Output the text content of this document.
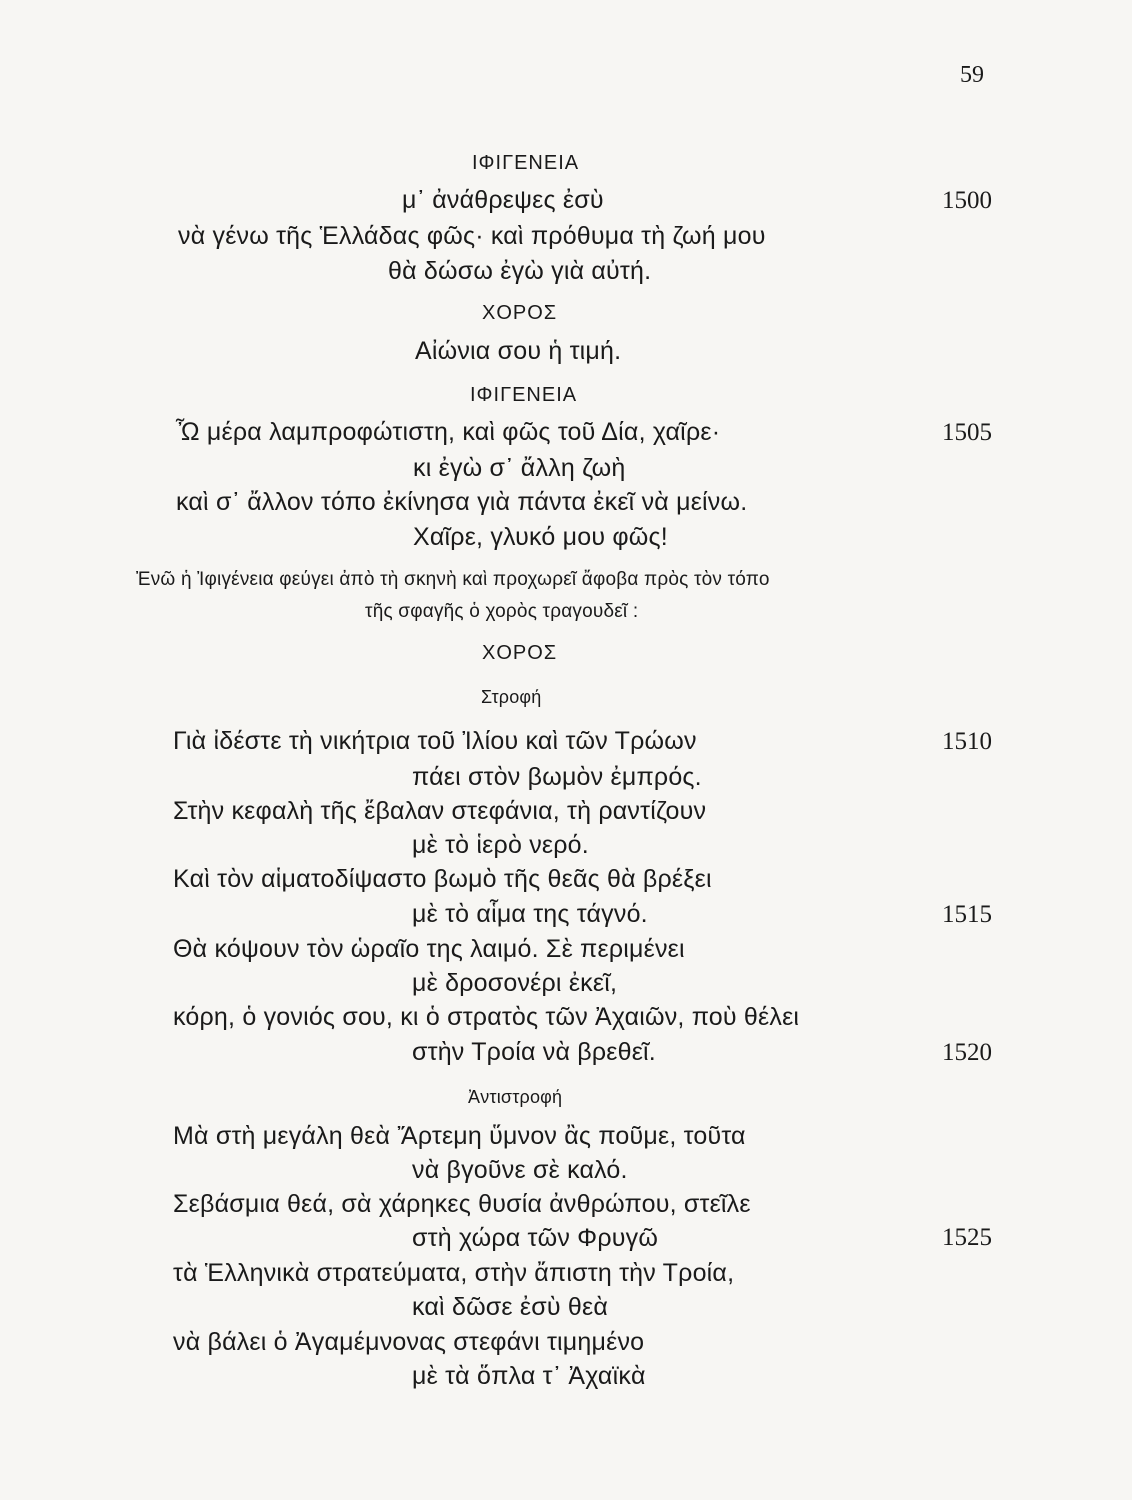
59
ΙΦΙΓΕΝΕΙΑ
μ᾿ ἀνάθρεψες ἐσὺ	1500
νὰ γένω τῆς Ἑλλάδας φῶς· καὶ πρόθυμα τὴ ζωή μου
θὰ δώσω ἐγὼ γιὰ αὐτή.
ΧΟΡΟΣ
Αἰώνια σου ἡ τιμή.
ΙΦΙΓΕΝΕΙΑ
Ὦ μέρα λαμπροφώτιστη, καὶ φῶς τοῦ Δία, χαῖρε·	1505
κι ἐγὼ σ᾿ ἄλλη ζωὴ
καὶ σ᾿ ἄλλον τόπο ἐκίνησα γιὰ πάντα ἐκεῖ νὰ μείνω.
Χαῖρε, γλυκό μου φῶς!
Ἐνῶ ἡ Ἰφιγένεια φεύγει ἀπὸ τὴ σκηνὴ καὶ προχωρεῖ ἄφοβα πρὸς τὸν τόπο
τῆς σφαγῆς ὁ χορὸς τραγουδεῖ :
ΧΟΡΟΣ
Στροφή
Γιὰ ἰδέστε τὴ νικήτρια τοῦ Ἰλίου καὶ τῶν Τρώων	1510
πάει στὸν βωμὸν ἐμπρός.
Στὴν κεφαλὴ τῆς ἔβαλαν στεφάνια, τὴ ραντίζουν
μὲ τὸ ἱερὸ νερό.
Καὶ τὸν αἱματοδίψαστο βωμὸ τῆς θεᾶς θὰ βρέξει
μὲ τὸ αἷμα της τάγνό.	1515
Θὰ κόψουν τὸν ὡραῖο της λαιμό. Σὲ περιμένει
μὲ δροσονέρι ἐκεῖ,
κόρη, ὁ γονιός σου, κι ὁ στρατὸς τῶν Ἀχαιῶν, ποὺ θέλει
στὴν Τροία νὰ βρεθεῖ.	1520
Ἀντιστροφή
Μὰ στὴ μεγάλη θεὰ Ἄρτεμη ὕμνον ἂς ποῦμε, τοῦτα
νὰ βγοῦνε σὲ καλό.
Σεβάσμια θεά, σὰ χάρηκες θυσία ἀνθρώπου, στεῖλε
στὴ χώρα τῶν Φρυγῶ	1525
τὰ Ἑλληνικὰ στρατεύματα, στὴν ἄπιστη τὴν Τροία,
καὶ δῶσε ἐσὺ θεὰ
νὰ βάλει ὁ Ἀγαμέμνονας στεφάνι τιμημένο
μὲ τὰ ὅπλα τ᾿ Ἀχαϊκὰ
